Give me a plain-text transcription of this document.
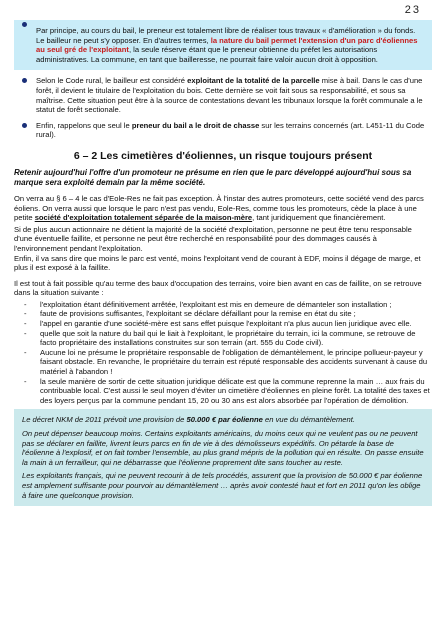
23

Par principe, au cours du bail, le preneur est totalement libre de réaliser tous travaux « d'amélioration » du fonds. Le bailleur ne peut s'y opposer. En d'autres termes, la nature du bail permet l'extension d'un parc d'éoliennes au seul gré de l'exploitant, la seule réserve étant que le preneur obtienne du préfet les autorisations administratives. La commune, en tant que bailleresse, ne pourrait faire valoir aucun droit à opposition.

Selon le Code rural, le bailleur est considéré exploitant de la totalité de la parcelle mise à bail. Dans le cas d'une forêt, il devient le titulaire de l'exploitation du bois. Cette dernière se voit fait sous sa responsabilité, et sous sa maîtrise. Cette situation peut être à la source de contestations devant les tribunaux lorsque la forêt communale a le statut de forêt sectionale.

Enfin, rappelons que seul le preneur du bail a le droit de chasse sur les terrains concernés (art. L451-11 du Code rural).

6 – 2 Les cimetières d'éoliennes, un risque toujours présent

Retenir aujourd'hui l'offre d'un promoteur ne présume en rien que le parc développé aujourd'hui sous sa marque sera exploité demain par la même société.

On verra au § 6 – 4 le cas d'Eole-Res ne fait pas exception. À l'instar des autres promoteurs, cette société vend des parcs éoliens. On verra aussi que lorsque le parc n'est pas vendu, Eole-Res, comme tous les promoteurs, cède la place à une petite société d'exploitation totalement séparée de la maison-mère, tant juridiquement que financièrement.

Si de plus aucun actionnaire ne détient la majorité de la société d'exploitation, personne ne peut être tenu responsable d'une éventuelle faillite, et personne ne peut être recherché en responsabilité pour des dommages causés à l'environnement pendant l'exploitation.

Enfin, il va sans dire que moins le parc est venté, moins l'exploitant vend de courant à EDF, moins il dégage de marge, et plus il est exposé à la faillite.

Il est tout à fait possible qu'au terme des baux d'occupation des terrains, voire bien avant en cas de faillite, on se retrouve dans la situation suivante :

- l'exploitation étant définitivement arrêtée, l'exploitant est mis en demeure de démanteler son installation ;
- faute de provisions suffisantes, l'exploitant se déclare défaillant pour la remise en état du site ;
- l'appel en garantie d'une société-mère est sans effet puisque l'exploitant n'a plus aucun lien juridique avec elle.
- quelle que soit la nature du bail qui le liait à l'exploitant, le propriétaire du terrain, ici la commune, se retrouve de facto propriétaire des installations construites sur son terrain (art. 555 du Code civil).
- Aucune loi ne présume le propriétaire responsable de l'obligation de démantèlement, le principe pollueur-payeur y faisant obstacle. En revanche, le propriétaire du terrain est réputé responsable des accidents survenant à cause du matériel à l'abandon !
- la seule manière de sortir de cette situation juridique délicate est que la commune reprenne la main … aux frais du contribuable local. C'est aussi le seul moyen d'éviter un cimetière d'éoliennes en pleine forêt. La totalité des taxes et des loyers perçus par la commune pendant 15, 20 ou 30 ans est alors absorbée par l'opération de démolition.

Le décret NKM de 2011 prévoit une provision de 50.000 € par éolienne en vue du démantèlement.

On peut dépenser beaucoup moins. Certains exploitants américains, du moins ceux qui ne veulent pas ou ne peuvent pas se déclarer en faillite, livrent leurs parcs en fin de vie à des démolisseurs expéditifs. On pétarde la base de l'éolienne à l'explosif, et on fait tomber l'ensemble, au plus grand mépris de la pollution qui en résulte. On passe ensuite la main à un ferrailleur, qui ne débarrasse que l'éolienne proprement dite sans toucher au reste.

Les exploitants français, qui ne peuvent recourir à de tels procédés, assurent que la provision de 50.000 € par éolienne est amplement suffisante pour pourvoir au démantèlement … après avoir contesté haut et fort en 2011 qu'on les oblige à faire une quelconque provision.
